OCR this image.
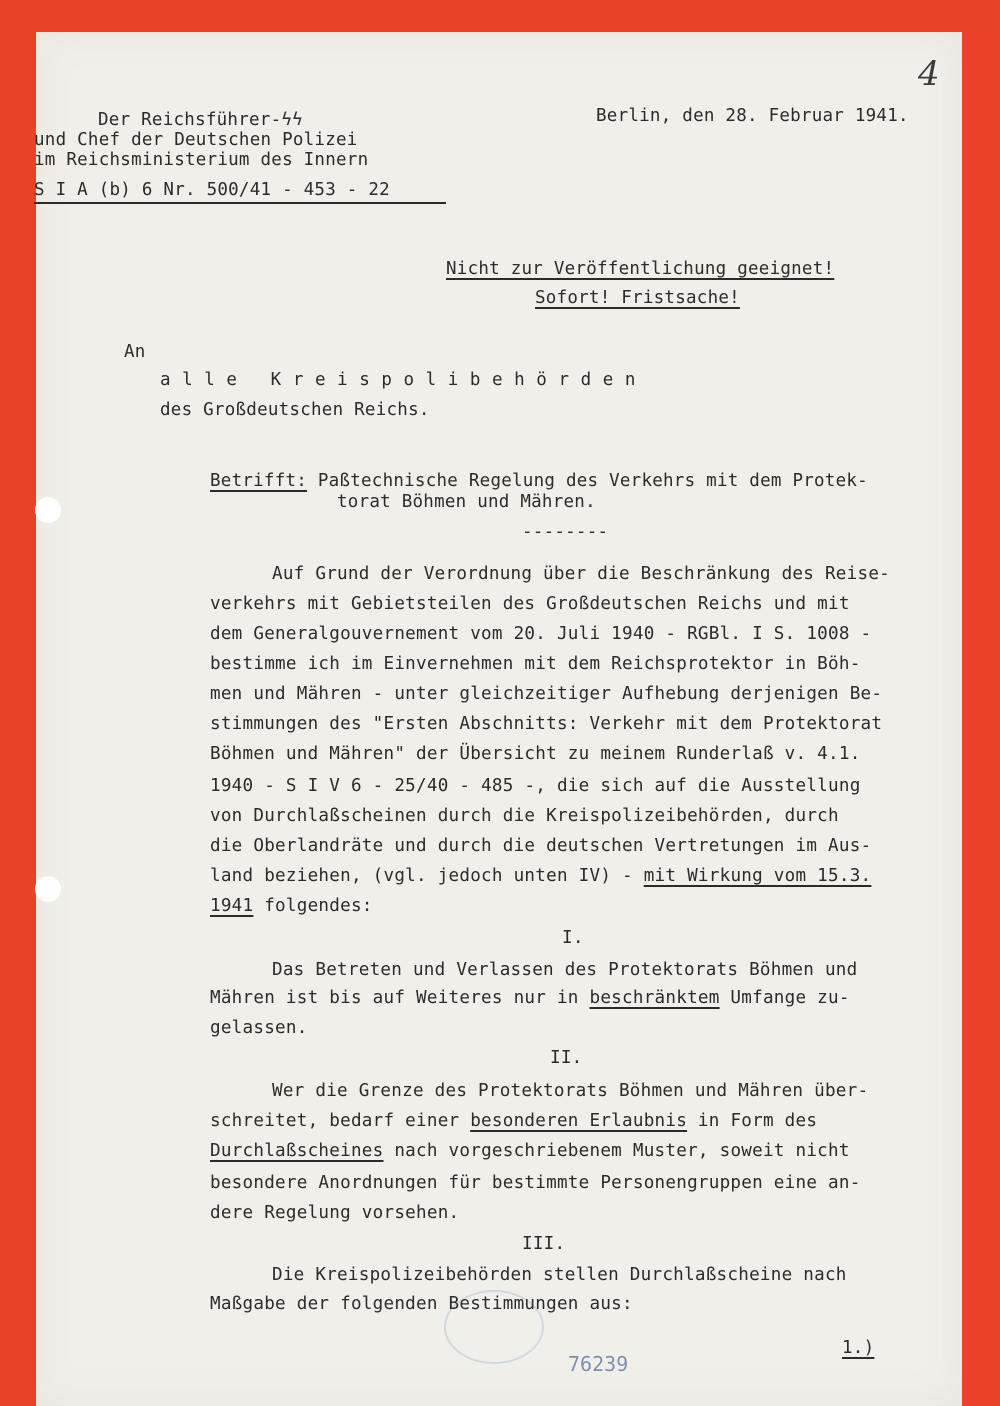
4
Der Reichsführer-ϟϟ
und Chef der Deutschen Polizei
im Reichsministerium des Innern
S I A (b) 6 Nr. 500/41 - 453 - 22
Berlin, den 28. Februar 1941.
Nicht zur Veröffentlichung geeignet!
Sofort! Fristsache!
An
alle Kreispolibehörden
des Großdeutschen Reichs.
Betrifft: Paßtechnische Regelung des Verkehrs mit dem Protek-
torat Böhmen und Mähren.
--------
Auf Grund der Verordnung über die Beschränkung des Reise-
verkehrs mit Gebietsteilen des Großdeutschen Reichs und mit
dem Generalgouvernement vom 20. Juli 1940 - RGBl. I S. 1008 -
bestimme ich im Einvernehmen mit dem Reichsprotektor in Böh-
men und Mähren - unter gleichzeitiger Aufhebung derjenigen Be-
stimmungen des "Ersten Abschnitts: Verkehr mit dem Protektorat
Böhmen und Mähren" der Übersicht zu meinem Runderlaß v. 4.1.
1940 - S I V 6 - 25/40 - 485 -, die sich auf die Ausstellung
von Durchlaßscheinen durch die Kreispolizeibehörden, durch
die Oberlandräte und durch die deutschen Vertretungen im Aus-
land beziehen, (vgl. jedoch unten IV) - mit Wirkung vom 15.3.
1941 folgendes:
I.
Das Betreten und Verlassen des Protektorats Böhmen und
Mähren ist bis auf Weiteres nur in beschränktem Umfange zu-
gelassen.
II.
Wer die Grenze des Protektorats Böhmen und Mähren über-
schreitet, bedarf einer besonderen Erlaubnis in Form des
Durchlaßscheines nach vorgeschriebenem Muster, soweit nicht
besondere Anordnungen für bestimmte Personengruppen eine an-
dere Regelung vorsehen.
III.
Die Kreispolizeibehörden stellen Durchlaßscheine nach
Maßgabe der folgenden Bestimmungen aus:
1.)
76239
